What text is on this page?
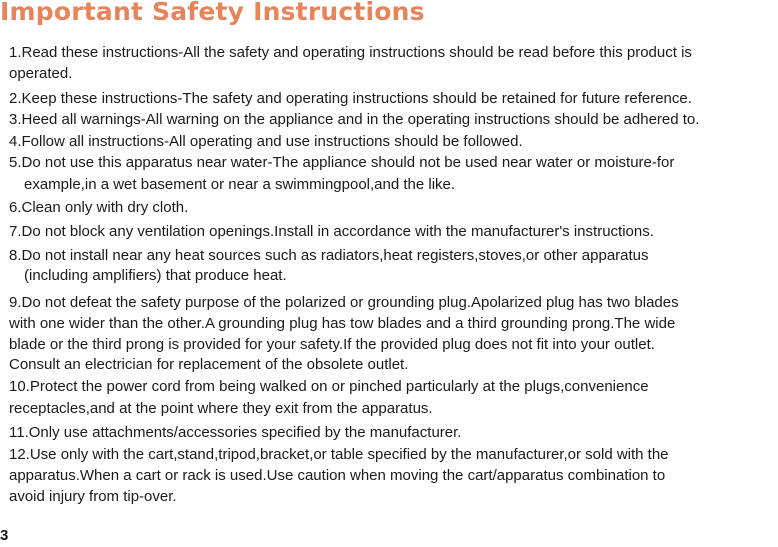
Important Safety Instructions
1.Read these instructions-All the safety and operating instructions should be read before this product is
operated.
2.Keep these instructions-The safety and operating instructions should be retained for future reference.
3.Heed all warnings-All warning on the appliance and in the operating instructions should be adhered to.
4.Follow all instructions-All operating and use instructions should be followed.
5.Do not use this apparatus near water-The appliance should not be used near water or moisture-for
example,in a wet basement or near a swimmingpool,and the like.
6.Clean only with dry cloth.
7.Do not block any ventilation openings.Install in accordance with the manufacturer's instructions.
8.Do not install near any heat sources such as radiators,heat registers,stoves,or other apparatus
(including amplifiers) that produce heat.
9.Do not defeat the safety purpose of the polarized or grounding plug.Apolarized plug has two blades
with one wider than the other.A grounding plug has tow blades and a third grounding prong.The wide
blade or the third prong is provided for your safety.If the provided plug does not fit into your outlet.
Consult an electrician for replacement of the obsolete outlet.
10.Protect the power cord from being walked on or pinched particularly at the plugs,convenience
receptacles,and at the point where they exit from the apparatus.
11.Only use attachments/accessories specified by the manufacturer.
12.Use only with the cart,stand,tripod,bracket,or table specified by the manufacturer,or sold with the
apparatus.When a cart or rack is used.Use caution when moving the cart/apparatus combination to
avoid injury from tip-over.
3
